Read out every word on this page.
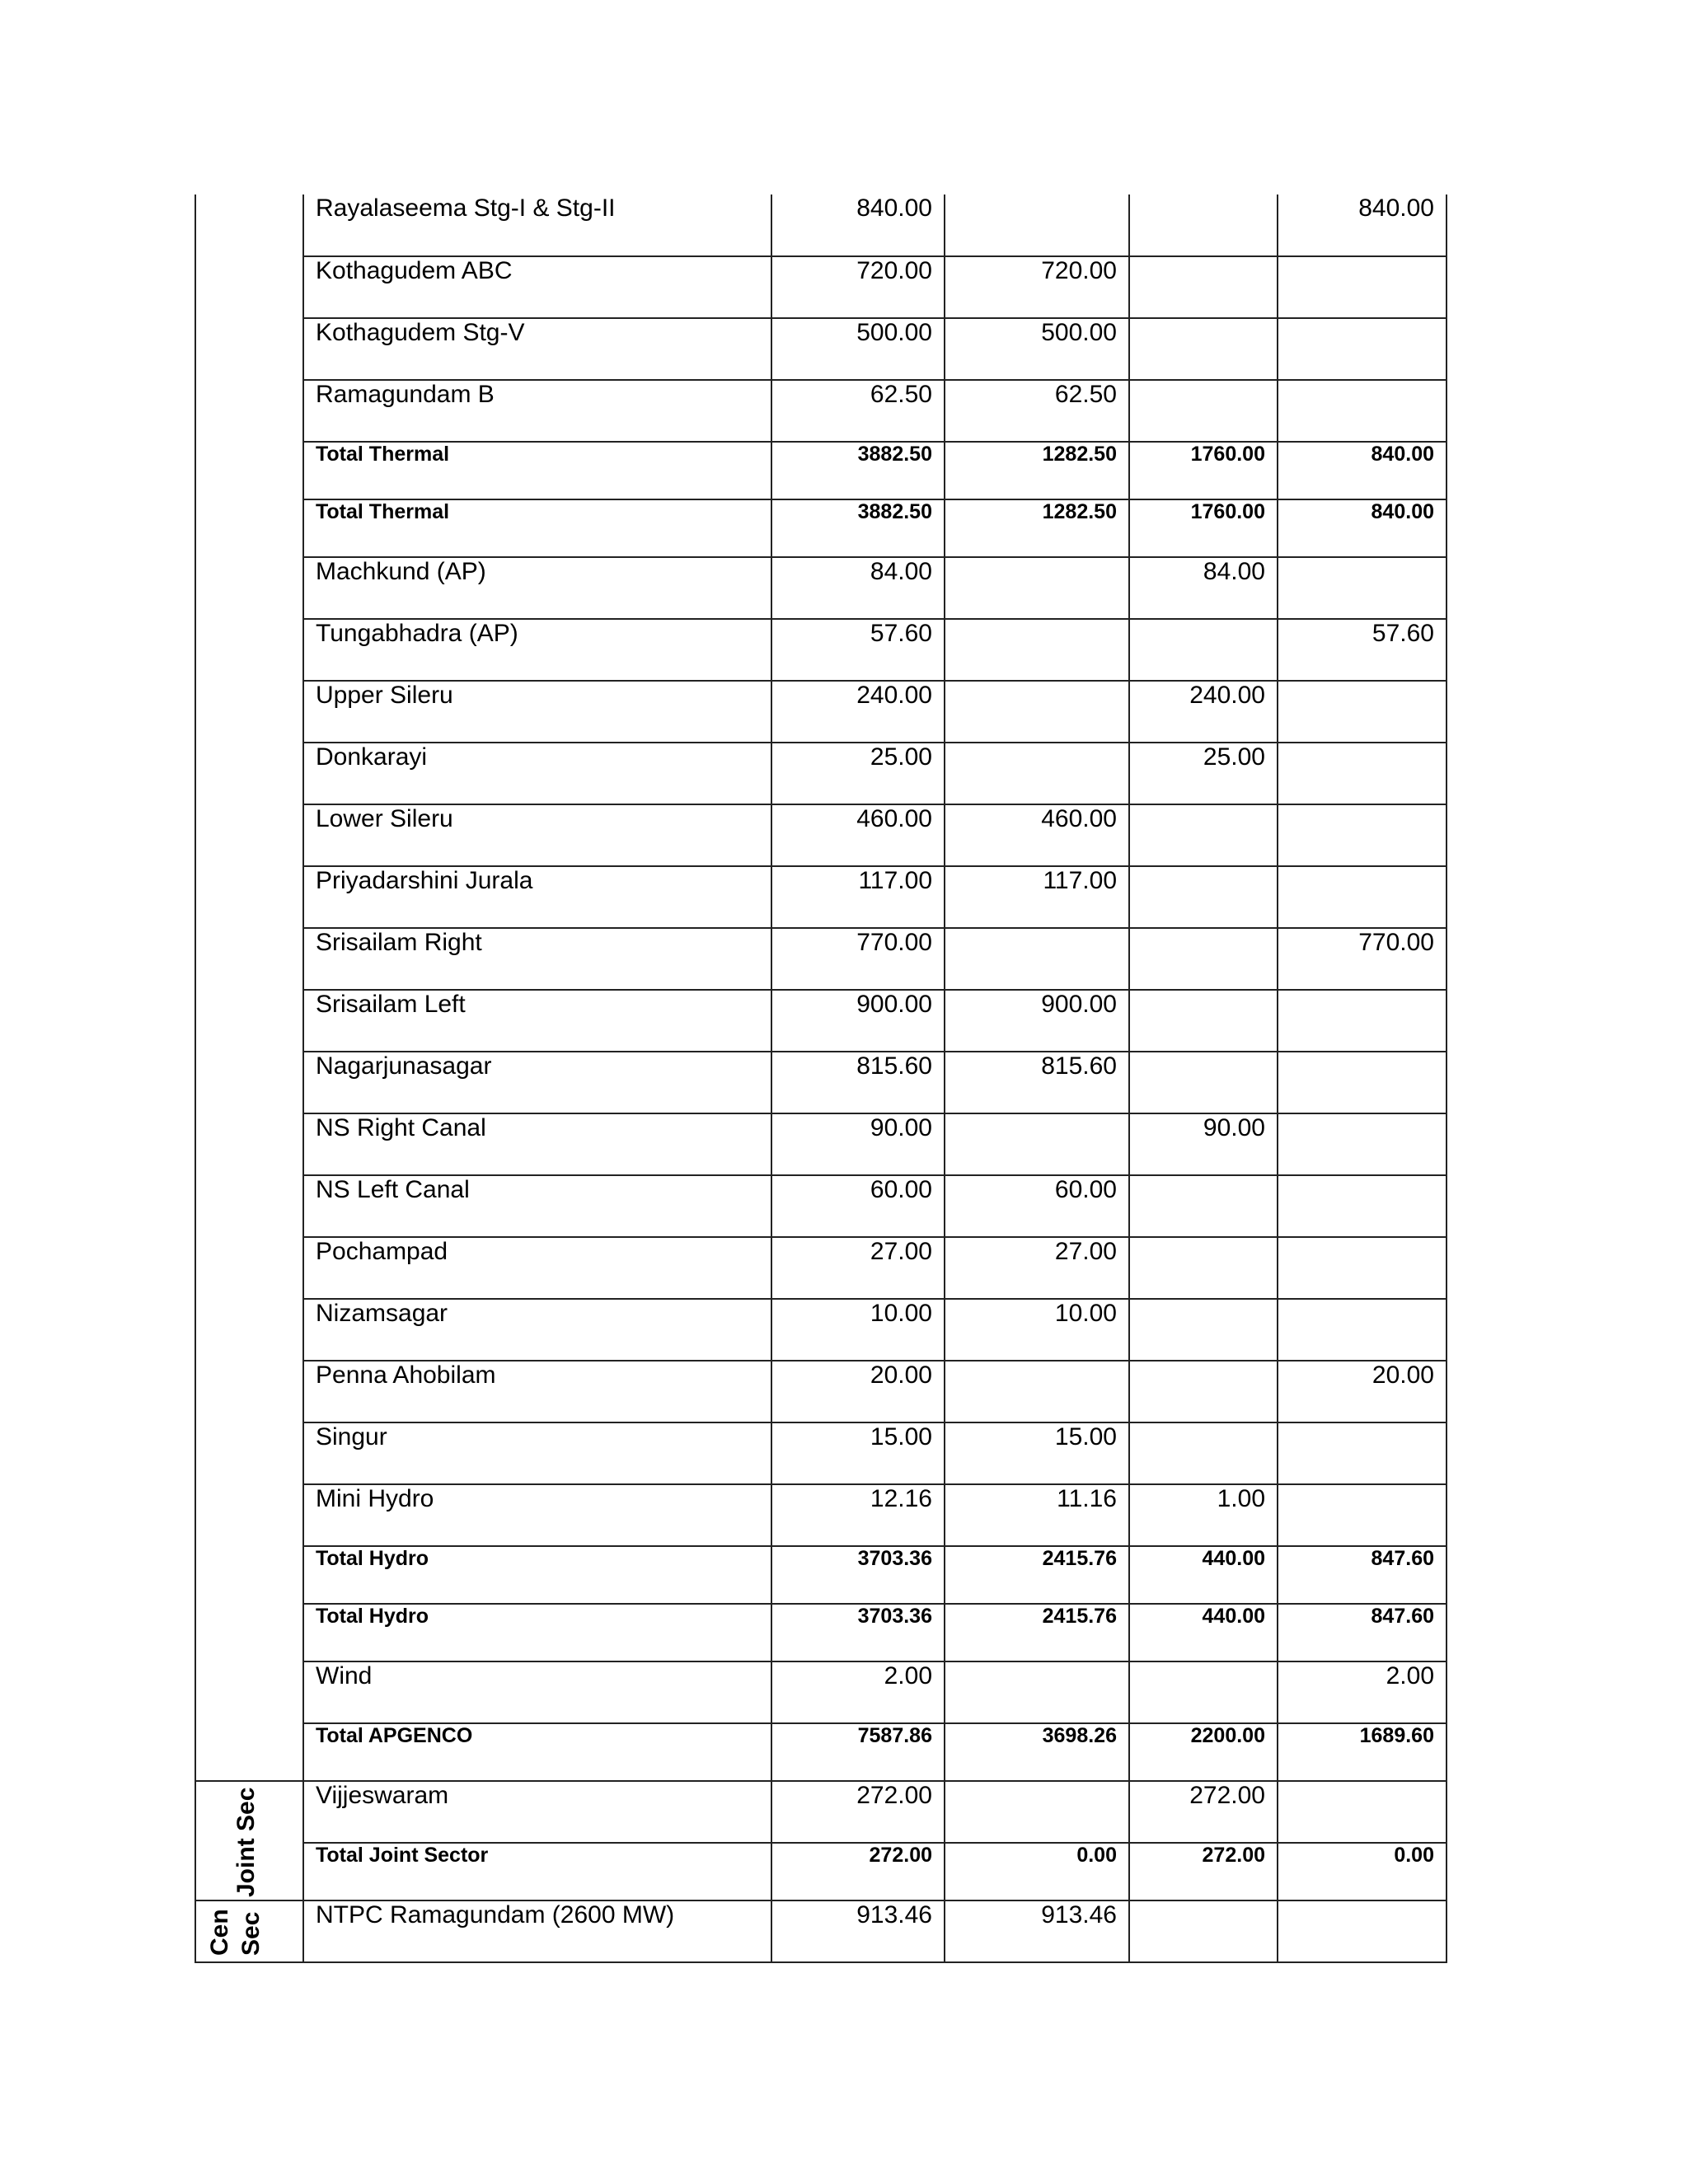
	Rayalaseema Stg-I & Stg-II	840.00			840.00
	Kothagudem ABC	720.00	720.00		
	Kothagudem Stg-V	500.00	500.00		
	Ramagundam B	62.50	62.50		
	Total Thermal	3882.50	1282.50	1760.00	840.00
	Total Thermal	3882.50	1282.50	1760.00	840.00
	Machkund (AP)	84.00		84.00	
	Tungabhadra (AP)	57.60			57.60
	Upper Sileru	240.00		240.00	
	Donkarayi	25.00		25.00	
	Lower Sileru	460.00	460.00		
	Priyadarshini Jurala	117.00	117.00		
	Srisailam Right	770.00			770.00
	Srisailam Left	900.00	900.00		
	Nagarjunasagar	815.60	815.60		
	NS Right Canal	90.00		90.00	
	NS Left Canal	60.00	60.00		
	Pochampad	27.00	27.00		
	Nizamsagar	10.00	10.00		
	Penna Ahobilam	20.00			20.00
	Singur	15.00	15.00		
	Mini Hydro	12.16	11.16	1.00	
	Total Hydro	3703.36	2415.76	440.00	847.60
	Total Hydro	3703.36	2415.76	440.00	847.60
	Wind	2.00			2.00
	Total APGENCO	7587.86	3698.26	2200.00	1689.60

Joint Sec	Vijjeswaram	272.00		272.00	
	Total Joint Sector	272.00	0.00	272.00	0.00

Cen Sec	NTPC Ramagundam (2600 MW)	913.46	913.46		
